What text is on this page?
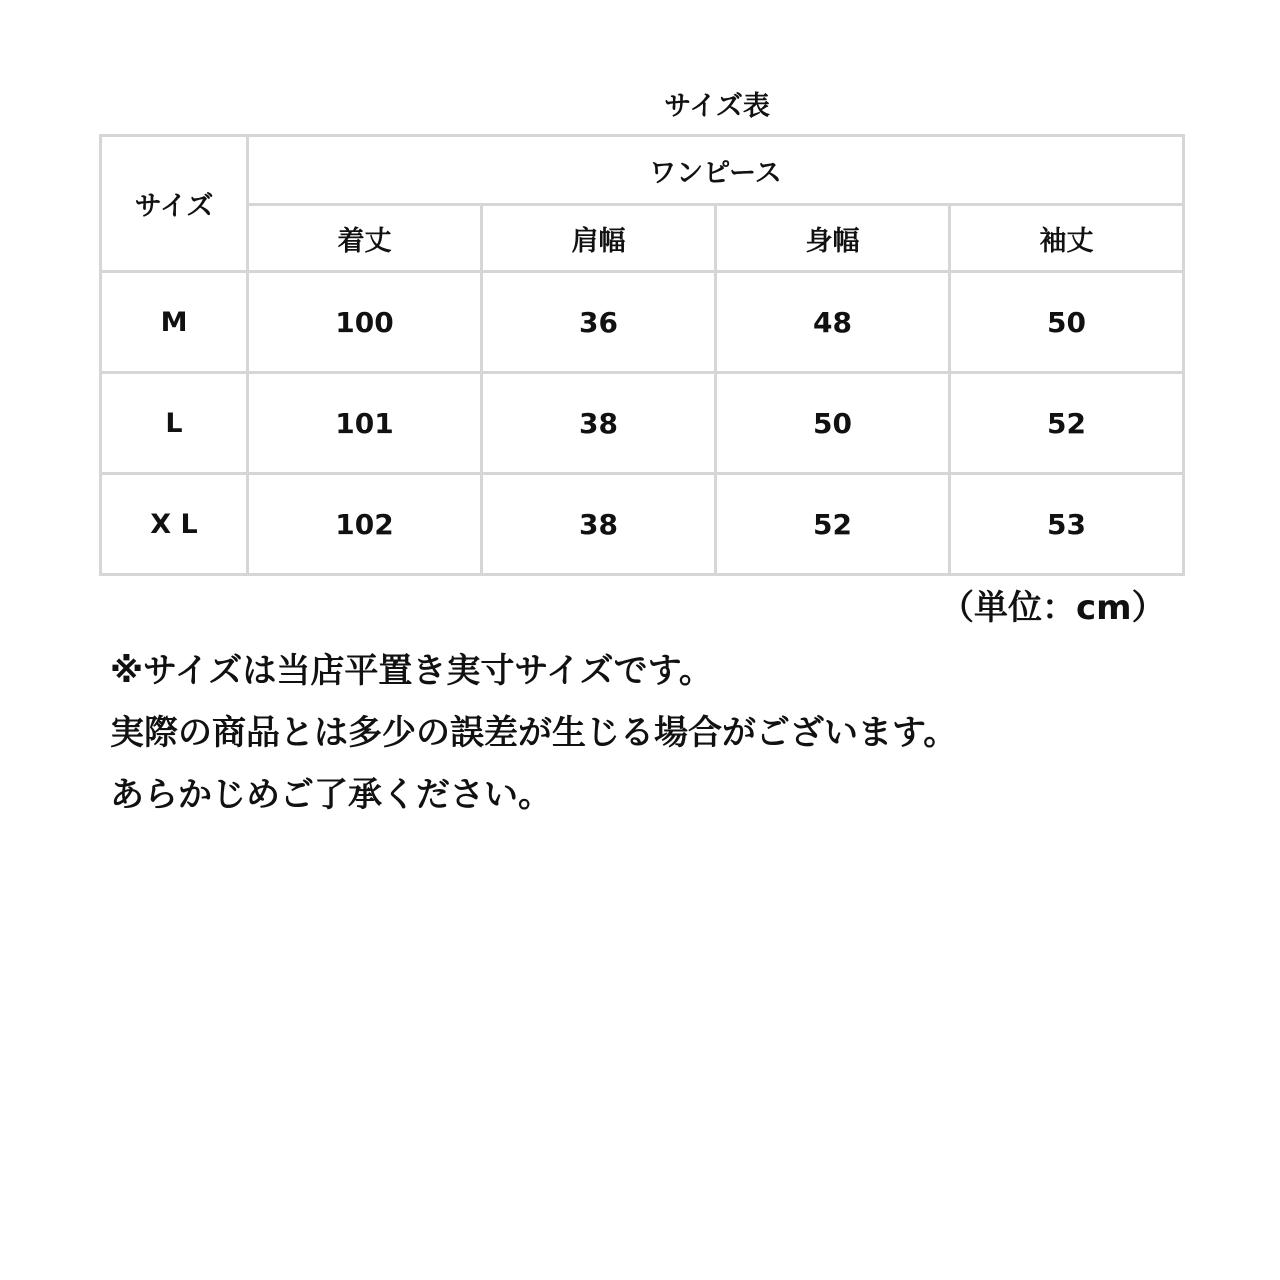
サイズ表
サイズ	ワンピース			
	着丈	肩幅	身幅	袖丈
M	100	36	48	50
L	101	38	50	52
X L	102	38	52	53
（単位：cm）
※サイズは当店平置き実寸サイズです。
実際の商品とは多少の誤差が生じる場合がございます。
あらかじめご了承ください。
